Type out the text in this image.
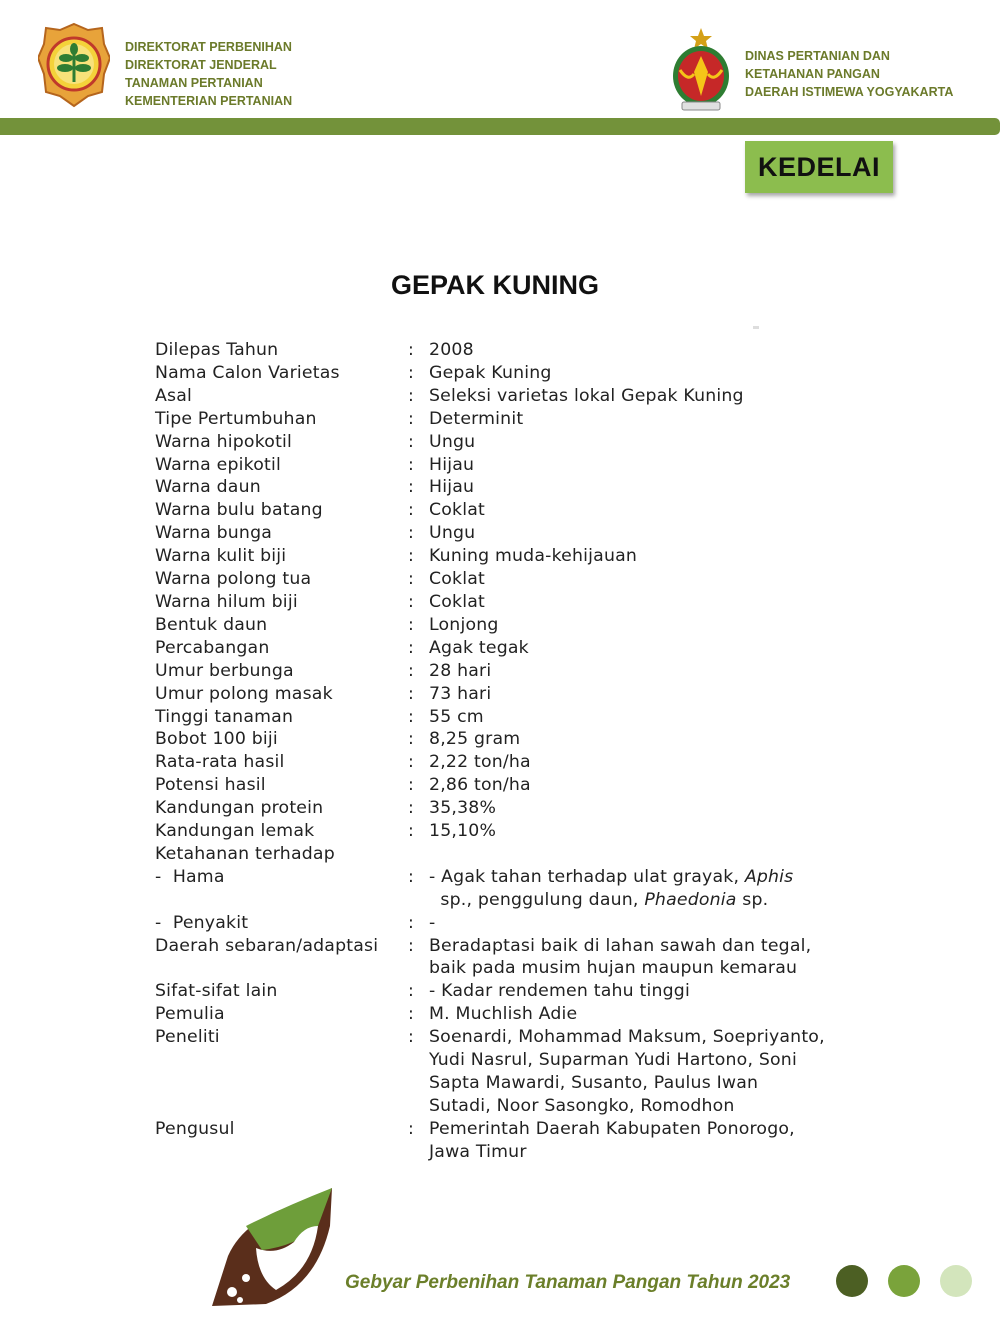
DIREKTORAT PERBENIHAN
DIREKTORAT JENDERAL
TANAMAN PERTANIAN
KEMENTERIAN PERTANIAN
DINAS PERTANIAN DAN
KETAHANAN PANGAN
DAERAH ISTIMEWA YOGYAKARTA
KEDELAI
GEPAK KUNING
Dilepas Tahun	: 2008
Nama Calon Varietas	: Gepak Kuning
Asal	: Seleksi varietas lokal Gepak Kuning
Tipe Pertumbuhan	: Determinit
Warna hipokotil	: Ungu
Warna epikotil	: Hijau
Warna daun	: Hijau
Warna bulu batang	: Coklat
Warna bunga	: Ungu
Warna kulit biji	: Kuning muda-kehijauan
Warna polong tua	: Coklat
Warna hilum biji	: Coklat
Bentuk daun	: Lonjong
Percabangan	: Agak tegak
Umur berbunga	: 28 hari
Umur polong masak	: 73 hari
Tinggi tanaman	: 55 cm
Bobot 100 biji	: 8,25 gram
Rata-rata hasil	: 2,22 ton/ha
Potensi hasil	: 2,86 ton/ha
Kandungan protein	: 35,38%
Kandungan lemak	: 15,10%
Ketahanan terhadap
-  Hama	: - Agak tahan terhadap ulat grayak, Aphis
sp., penggulung daun, Phaedonia sp.
-  Penyakit	: -
Daerah sebaran/adaptasi	: Beradaptasi baik di lahan sawah dan tegal,
baik pada musim hujan maupun kemarau
Sifat-sifat lain	: - Kadar rendemen tahu tinggi
Pemulia	: M. Muchlish Adie
Peneliti	: Soenardi, Mohammad Maksum, Soepriyanto,
Yudi Nasrul, Suparman Yudi Hartono, Soni
Sapta Mawardi, Susanto, Paulus Iwan
Sutadi, Noor Sasongko, Romodhon
Pengusul	: Pemerintah Daerah Kabupaten Ponorogo,
Jawa Timur
Gebyar Perbenihan Tanaman Pangan Tahun 2023
